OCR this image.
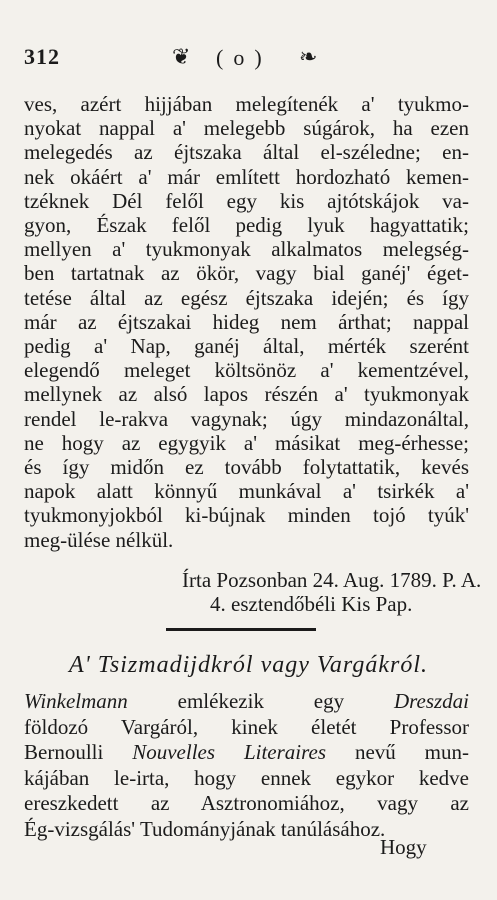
312	❦ (o) ❧
ves, azért hijjában melegítenék a' tyukmo-
nyokat nappal a' melegebb súgárok, ha ezen
melegedés az éjtszaka által el-széledne; en-
nek okáért a' már említett hordozható kemen-
tzéknek Dél felől egy kis ajtótskájok va-
gyon, Észak felől pedig lyuk hagyattatik;
mellyen a' tyukmonyak alkalmatos melegség-
ben tartatnak az ökör, vagy bial ganéj' éget-
tetése által az egész éjtszaka idején; és így
már az éjtszakai hideg nem árthat; nappal
pedig a' Nap, ganéj által, mérték szerént
elegendő meleget költsönöz a' kementzével,
mellynek az alsó lapos részén a' tyukmonyak
rendel le-rakva vagynak; úgy mindazonáltal,
ne hogy az egygyik a' másikat meg-érhesse;
és így midőn ez tovább folytattatik, kevés
napok alatt könnyű munkával a' tsirkék a'
tyukmonyjokból ki-bújnak minden tojó tyúk'
meg-ülése nélkül.
Írta Pozsonban 24. Aug. 1789. P. A.
4. esztendőbéli Kis Pap.
A' Tsizmadijdkról vagy Vargákról.
Winkelmann emlékezik egy Dreszdai
földozó Vargáról, kinek életét Professor
Bernoulli Nouvelles Literaires nevű mun-
kájában le-irta, hogy ennek egykor kedve
ereszkedett az Asztronomiához, vagy az
Ég-vizsgálás' Tudományjának tanúlásához.
Hogy
